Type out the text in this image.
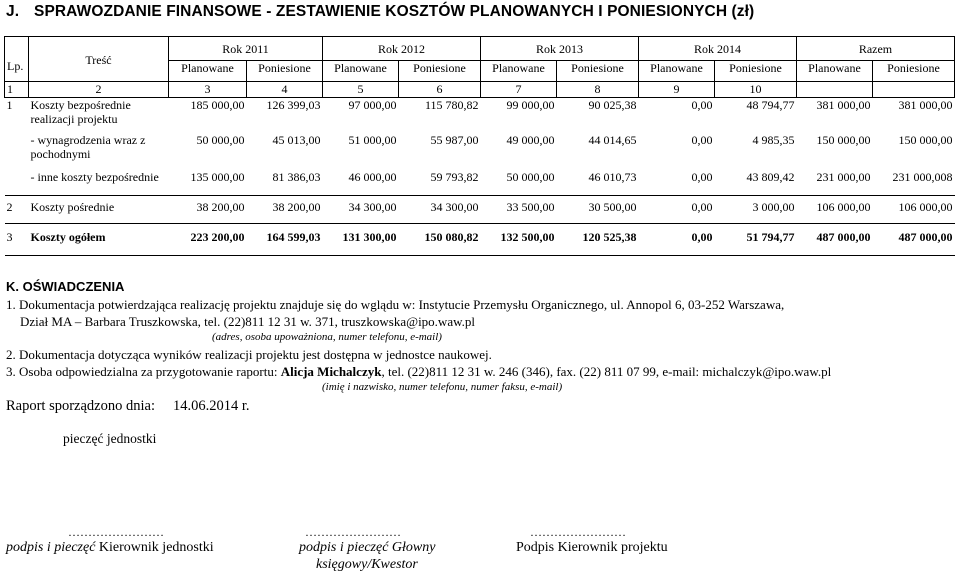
J. SPRAWOZDANIE FINANSOWE - ZESTAWIENIE KOSZTÓW PLANOWANYCH I PONIESIONYCH (zł)
Lp.	Treść	Rok 2011		Rok 2012		Rok 2013		Rok 2014		Razem	
		Planowane	Poniesione	Planowane	Poniesione	Planowane	Poniesione	Planowane	Poniesione	Planowane	Poniesione
1	2	3	4	5	6	7	8	9	10		
1	Koszty bezpośrednie realizacji projektu	185 000,00	126 399,03	97 000,00	115 780,82	99 000,00	90 025,38	0,00	48 794,77	381 000,00	381 000,00
	- wynagrodzenia wraz z pochodnymi	50 000,00	45 013,00	51 000,00	55 987,00	49 000,00	44 014,65	0,00	4 985,35	150 000,00	150 000,00
	- inne koszty bezpośrednie	135 000,00	81 386,03	46 000,00	59 793,82	50 000,00	46 010,73	0,00	43 809,42	231 000,00	231 000,008
2	Koszty pośrednie	38 200,00	38 200,00	34 300,00	34 300,00	33 500,00	30 500,00	0,00	3 000,00	106 000,00	106 000,00
3	Koszty ogółem	223 200,00	164 599,03	131 300,00	150 080,82	132 500,00	120 525,38	0,00	51 794,77	487 000,00	487 000,00
K. OŚWIADCZENIA
1. Dokumentacja potwierdzająca realizację projektu znajduje się do wglądu w: Instytucie Przemysłu Organicznego, ul. Annopol 6, 03-252 Warszawa,
Dział MA – Barbara Truszkowska, tel. (22)811 12 31 w. 371, truszkowska@ipo.waw.pl
(adres, osoba upoważniona, numer telefonu, e-mail)
2. Dokumentacja dotycząca wyników realizacji projektu jest dostępna w jednostce naukowej.
3. Osoba odpowiedzialna za przygotowanie raportu: Alicja Michalczyk, tel. (22)811 12 31 w. 246 (346), fax. (22) 811 07 99, e-mail: michalczyk@ipo.waw.pl
(imię i nazwisko, numer telefonu, numer faksu, e-mail)
Raport sporządzono dnia: 14.06.2014 r.
pieczęć jednostki
……………………	……………………	……………………
podpis i pieczęć Kierownik jednostki	podpis i pieczęć Głowny
księgowy/Kwestor
Podpis Kierownik projektu
